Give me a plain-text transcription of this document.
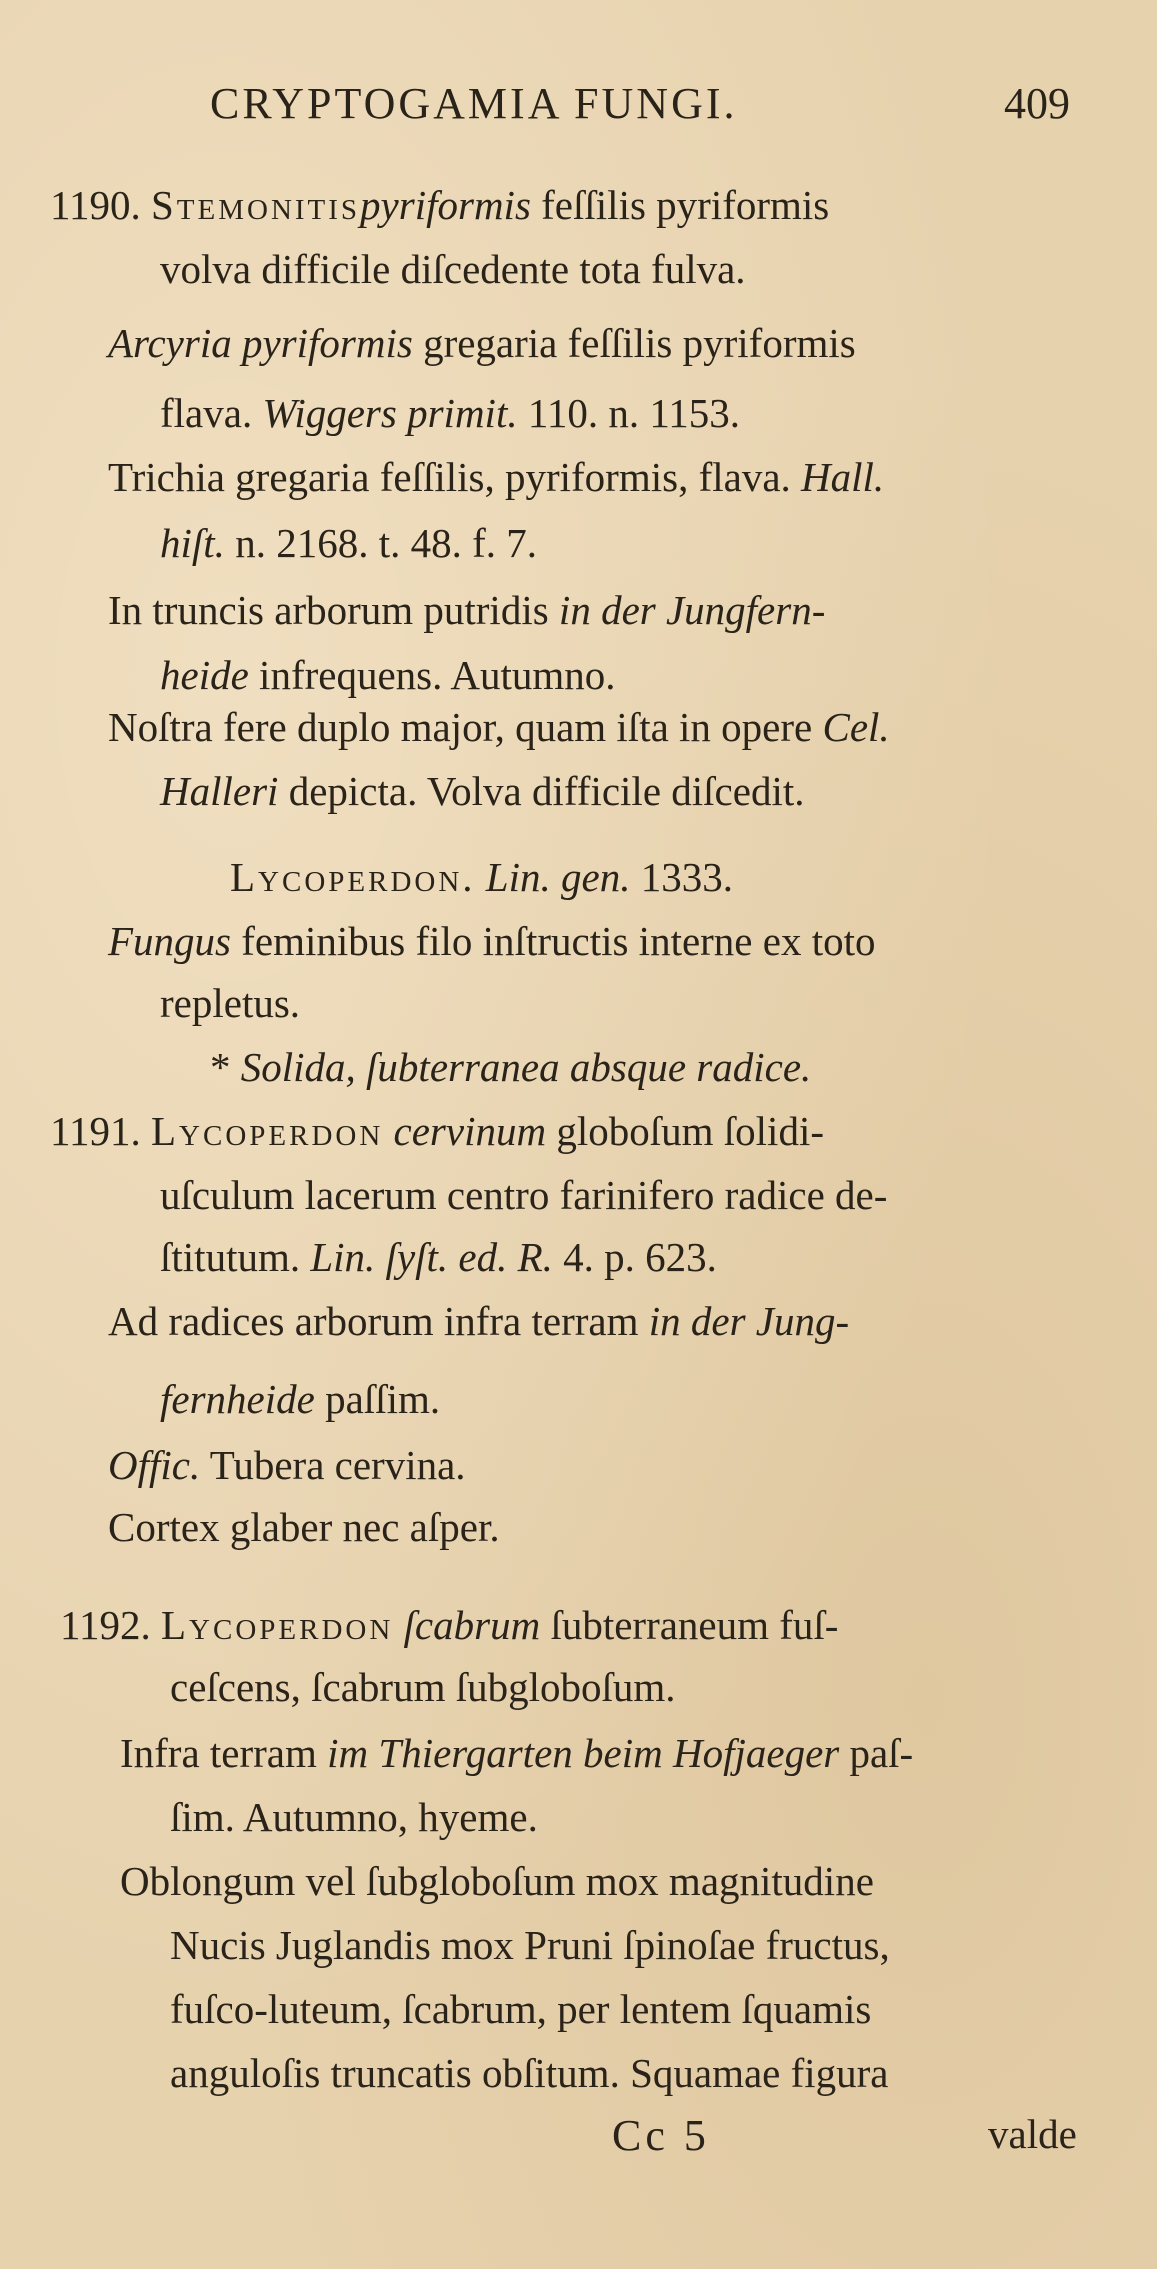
CRYPTOGAMIA FUNGI.	409
1190. Stemonitispyriformis feſſilis pyriformis
volva difficile diſcedente tota fulva.
Arcyria pyriformis gregaria feſſilis pyriformis
flava. Wiggers primit. 110. n. 1153.
Trichia gregaria feſſilis, pyriformis, flava. Hall.
hiſt. n. 2168. t. 48. f. 7.
In truncis arborum putridis in der Jungfern-
heide infrequens. Autumno.
Noſtra fere duplo major, quam iſta in opere Cel.
Halleri depicta. Volva difficile diſcedit.
Lycoperdon. Lin. gen. 1333.
Fungus feminibus filo inſtructis interne ex toto
repletus.
* Solida, ſubterranea absque radice.
1191. Lycoperdon cervinum globoſum ſolidi-
uſculum lacerum centro farinifero radice de-
ſtitutum. Lin. ſyſt. ed. R. 4. p. 623.
Ad radices arborum infra terram in der Jung-
fernheide paſſim.
Offic. Tubera cervina.
Cortex glaber nec aſper.
1192. Lycoperdon ſcabrum ſubterraneum fuſ-
ceſcens, ſcabrum ſubgloboſum.
Infra terram im Thiergarten beim Hofjaeger paſ-
ſim. Autumno, hyeme.
Oblongum vel ſubgloboſum mox magnitudine
Nucis Juglandis mox Pruni ſpinoſae fructus,
fuſco-luteum, ſcabrum, per lentem ſquamis
anguloſis truncatis obſitum. Squamae figura
Cc 5	valde
